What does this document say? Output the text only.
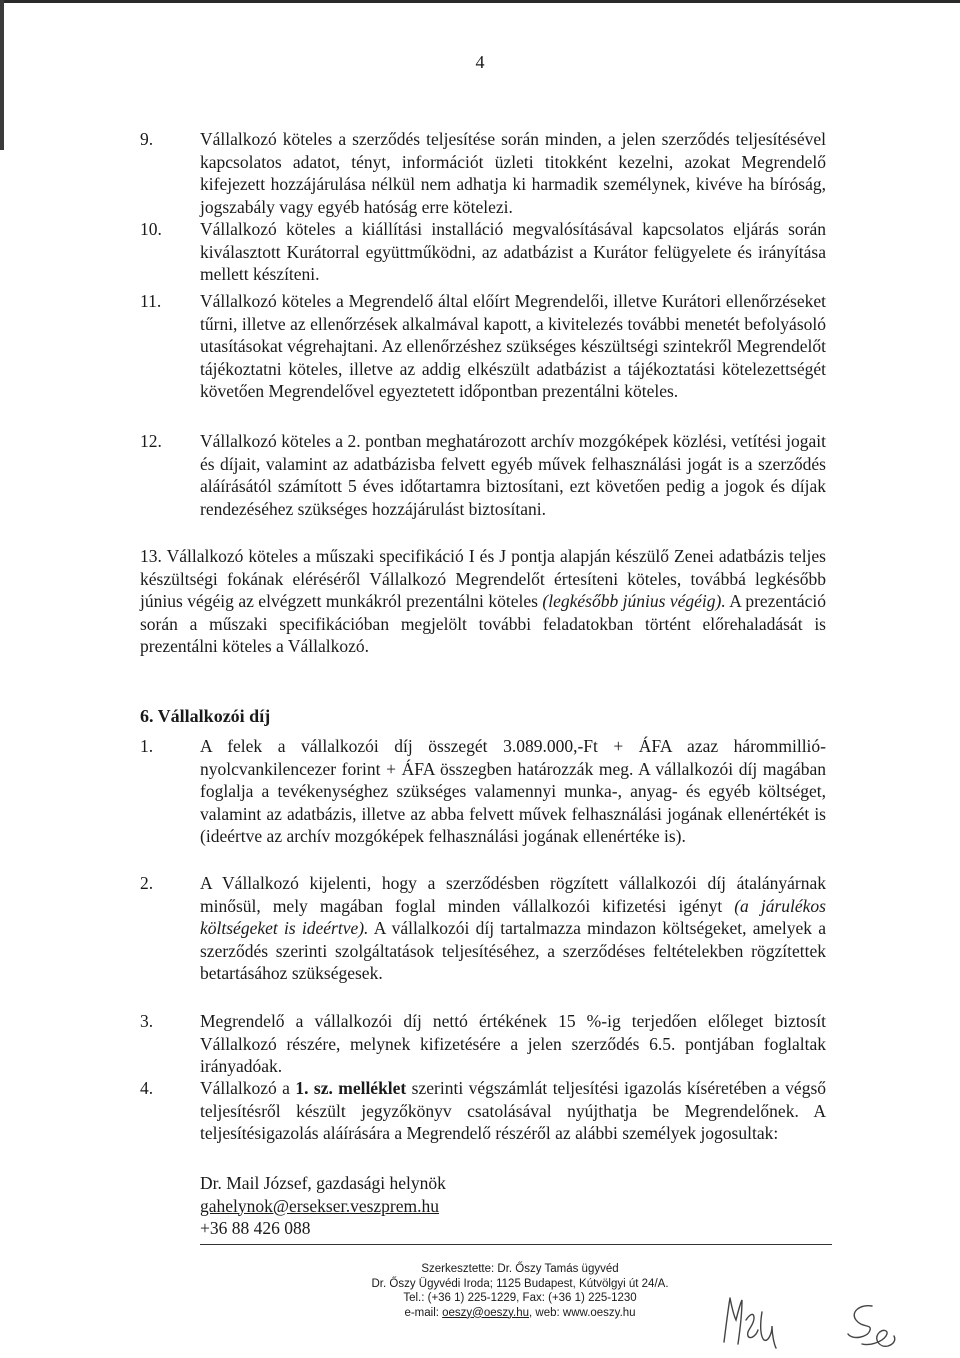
4
9.	Vállalkozó köteles a szerződés teljesítése során minden, a jelen szerződés teljesítésével kapcsolatos adatot, tényt, információt üzleti titokként kezelni, azokat Megrendelő kifejezett hozzájárulása nélkül nem adhatja ki harmadik személynek, kivéve ha bíróság, jogszabály vagy egyéb hatóság erre kötelezi.
10.	Vállalkozó köteles a kiállítási installáció megvalósításával kapcsolatos eljárás során kiválasztott Kurátorral együttműködni, az adatbázist a Kurátor felügyelete és irányítása mellett készíteni.
11.	Vállalkozó köteles a Megrendelő által előírt Megrendelői, illetve Kurátori ellenőrzéseket tűrni, illetve az ellenőrzések alkalmával kapott, a kivitelezés további menetét befolyásoló utasításokat végrehajtani. Az ellenőrzéshez szükséges készültségi szintekről Megrendelőt tájékoztatni köteles, illetve az addig elkészült adatbázist a tájékoztatási kötelezettségét követően Megrendelővel egyeztetett időpontban prezentálni köteles.
12.	Vállalkozó köteles a 2. pontban meghatározott archív mozgóképek közlési, vetítési jogait és díjait, valamint az adatbázisba felvett egyéb művek felhasználási jogát is a szerződés aláírásától számított 5 éves időtartamra biztosítani, ezt követően pedig a jogok és díjak rendezéséhez szükséges hozzájárulást biztosítani.
13. Vállalkozó köteles a műszaki specifikáció I és J pontja alapján készülő Zenei adatbázis teljes készültségi fokának eléréséről Vállalkozó Megrendelőt értesíteni köteles, továbbá legkésőbb június végéig az elvégzett munkákról prezentálni köteles (legkésőbb június végéig). A prezentáció során a műszaki specifikációban megjelölt további feladatokban történt előrehaladását is prezentálni köteles a Vállalkozó.
6. Vállalkozói díj
1.	A felek a vállalkozói díj összegét 3.089.000,-Ft + ÁFA azaz hárommillió-nyolcvankilencezer forint + ÁFA összegben határozzák meg. A vállalkozói díj magában foglalja a tevékenységhez szükséges valamennyi munka-, anyag- és egyéb költséget, valamint az adatbázis, illetve az abba felvett művek felhasználási jogának ellenértékét is (ideértve az archív mozgóképek felhasználási jogának ellenértéke is).
2.	A Vállalkozó kijelenti, hogy a szerződésben rögzített vállalkozói díj átalányárnak minősül, mely magában foglal minden vállalkozói kifizetési igényt (a járulékos költségeket is ideértve). A vállalkozói díj tartalmazza mindazon költségeket, amelyek a szerződés szerinti szolgáltatások teljesítéséhez, a szerződéses feltételekben rögzítettek betartásához szükségesek.
3.	Megrendelő a vállalkozói díj nettó értékének 15 %-ig terjedően előleget biztosít Vállalkozó részére, melynek kifizetésére a jelen szerződés 6.5. pontjában foglaltak irányadóak.
4.	Vállalkozó a 1. sz. melléklet szerinti végszámlát teljesítési igazolás kíséretében a végső teljesítésről készült jegyzőkönyv csatolásával nyújthatja be Megrendelőnek. A teljesítésigazolás aláírására a Megrendelő részéről az alábbi személyek jogosultak:
Dr. Mail József, gazdasági helynök
gahelynok@erseksег.veszprem.hu
+36 88 426 088
Szerkesztette: Dr. Őszy Tamás ügyvéd
Dr. Őszy Ügyvédi Iroda; 1125 Budapest, Kútvölgyi út 24/A.
Tel.: (+36 1) 225-1229, Fax: (+36 1) 225-1230
e-mail: oeszy@oeszy.hu, web: www.oeszy.hu
